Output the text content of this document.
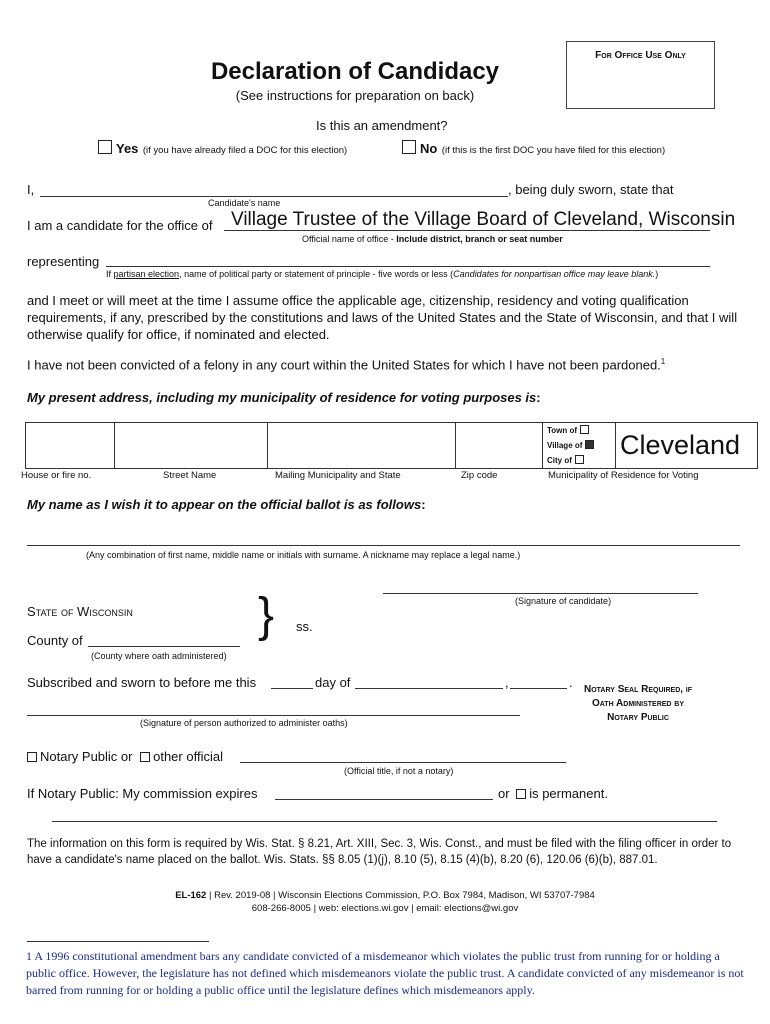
For Office Use Only
Declaration of Candidacy
(See instructions for preparation on back)
Is this an amendment?
Yes (if you have already filed a DOC for this election)	No (if this is the first DOC you have filed for this election)
I,	, being duly sworn, state that
Candidate's name
I am a candidate for the office of Village Trustee of the Village Board of Cleveland, Wisconsin
Official name of office - Include district, branch or seat number
representing
If partisan election, name of political party or statement of principle - five words or less (Candidates for nonpartisan office may leave blank.)
and I meet or will meet at the time I assume office the applicable age, citizenship, residency and voting qualification requirements, if any, prescribed by the constitutions and laws of the United States and the State of Wisconsin, and that I will otherwise qualify for office, if nominated and elected.
I have not been convicted of a felony in any court within the United States for which I have not been pardoned.$^1$
My present address, including my municipality of residence for voting purposes is:

Town of
Village of
City of
	Cleveland
House or fire no.	Street Name	Mailing Municipality and State	Zip code	Municipality of Residence for Voting
My name as I wish it to appear on the official ballot is as follows:
(Any combination of first name, middle name or initials with surname. A nickname may replace a legal name.)
(Signature of candidate)
State of Wisconsin	} ss.
County of
(County where oath administered)
Subscribed and sworn to before me this	day of	,	.
(Signature of person authorized to administer oaths)
Notary Seal Required, if Oath Administered by Notary Public
Notary Public or other official
(Official title, if not a notary)
If Notary Public: My commission expires	or is permanent.
The information on this form is required by Wis. Stat. § 8.21, Art. XIII, Sec. 3, Wis. Const., and must be filed with the filing officer in order to have a candidate's name placed on the ballot. Wis. Stats. §§ 8.05 (1)(j), 8.10 (5), 8.15 (4)(b), 8.20 (6), 120.06 (6)(b), 887.01.
EL-162 | Rev. 2019-08 | Wisconsin Elections Commission, P.O. Box 7984, Madison, WI 53707-7984
608-266-8005 | web: elections.wi.gov | email: elections@wi.gov
1 A 1996 constitutional amendment bars any candidate convicted of a misdemeanor which violates the public trust from running for or holding a public office. However, the legislature has not defined which misdemeanors violate the public trust. A candidate convicted of any misdemeanor is not barred from running for or holding a public office until the legislature defines which misdemeanors apply.
